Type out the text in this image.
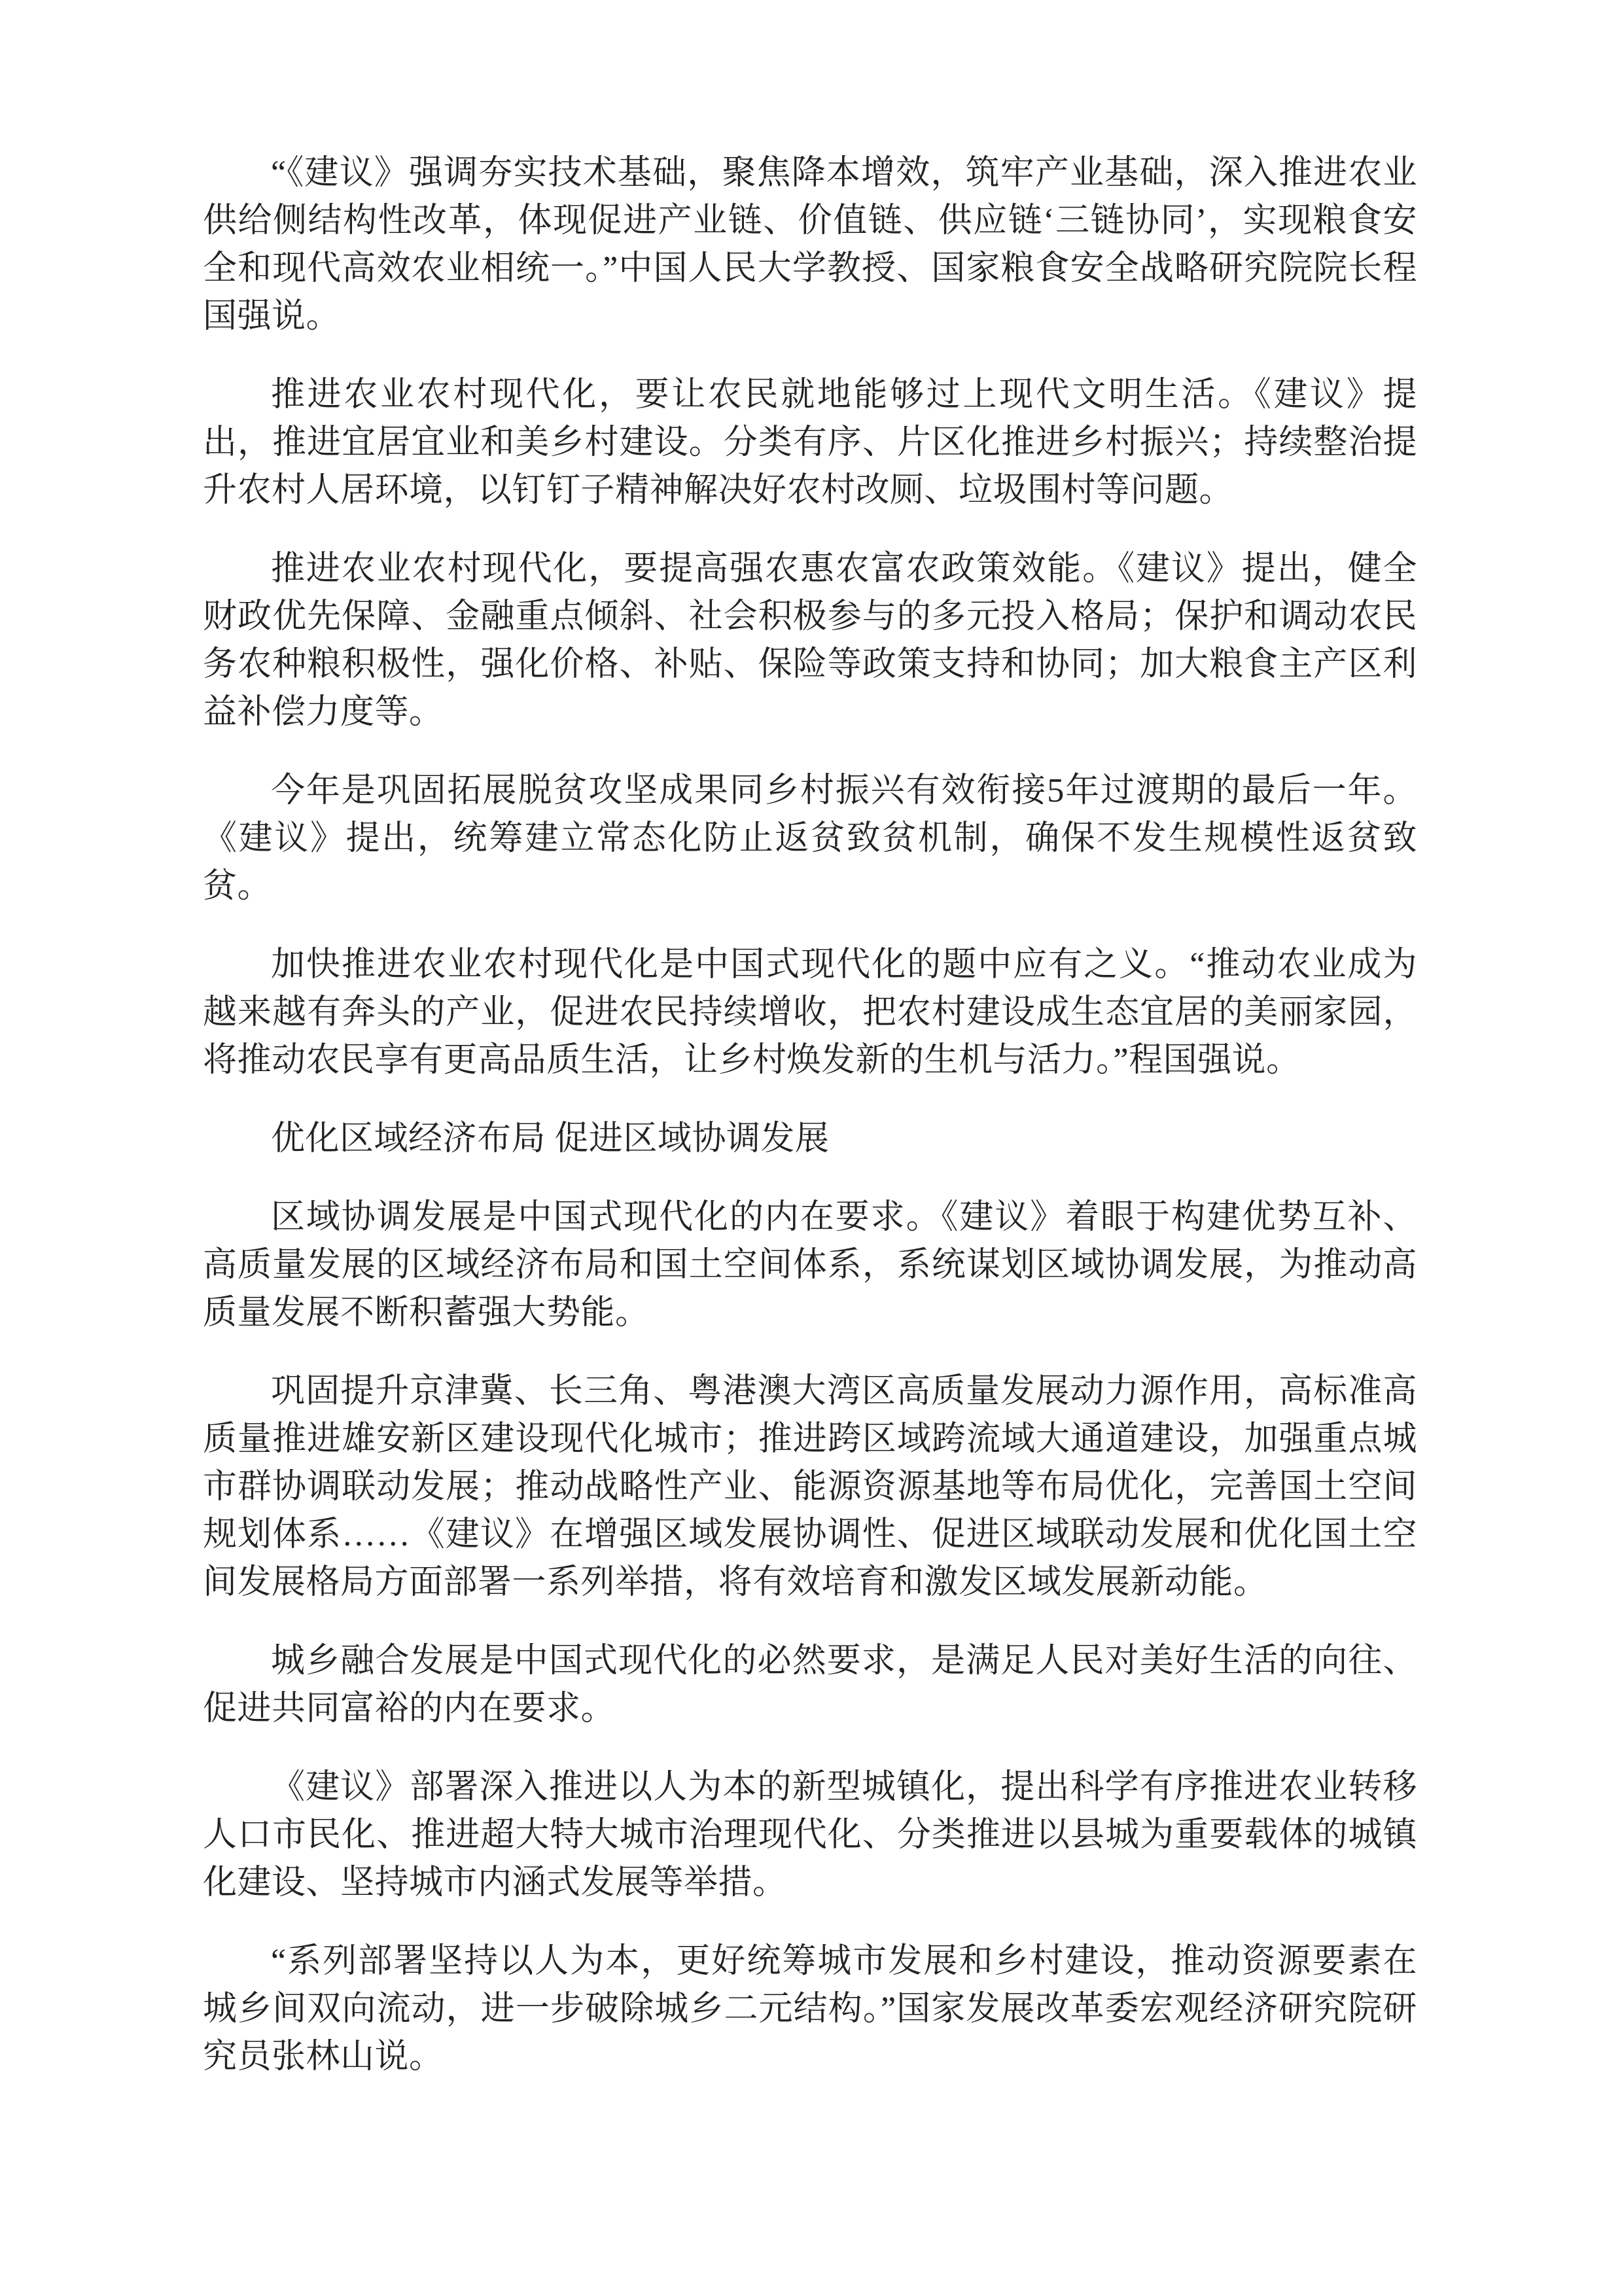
“《建议》强调夯实技术基础，聚焦降本增效，筑牢产业基础，深入推进农业供给侧结构性改革，体现促进产业链、价值链、供应链‘三链协同’，实现粮食安全和现代高效农业相统一。”中国人民大学教授、国家粮食安全战略研究院院长程国强说。

推进农业农村现代化，要让农民就地能够过上现代文明生活。《建议》提出，推进宜居宜业和美乡村建设。分类有序、片区化推进乡村振兴；持续整治提升农村人居环境，以钉钉子精神解决好农村改厕、垃圾围村等问题。

推进农业农村现代化，要提高强农惠农富农政策效能。《建议》提出，健全财政优先保障、金融重点倾斜、社会积极参与的多元投入格局；保护和调动农民务农种粮积极性，强化价格、补贴、保险等政策支持和协同；加大粮食主产区利益补偿力度等。

今年是巩固拓展脱贫攻坚成果同乡村振兴有效衔接5年过渡期的最后一年。《建议》提出，统筹建立常态化防止返贫致贫机制，确保不发生规模性返贫致贫。

加快推进农业农村现代化是中国式现代化的题中应有之义。“推动农业成为越来越有奔头的产业，促进农民持续增收，把农村建设成生态宜居的美丽家园，将推动农民享有更高品质生活，让乡村焕发新的生机与活力。”程国强说。

优化区域经济布局 促进区域协调发展

区域协调发展是中国式现代化的内在要求。《建议》着眼于构建优势互补、高质量发展的区域经济布局和国土空间体系，系统谋划区域协调发展，为推动高质量发展不断积蓄强大势能。

巩固提升京津冀、长三角、粤港澳大湾区高质量发展动力源作用，高标准高质量推进雄安新区建设现代化城市；推进跨区域跨流域大通道建设，加强重点城市群协调联动发展；推动战略性产业、能源资源基地等布局优化，完善国土空间规划体系……《建议》在增强区域发展协调性、促进区域联动发展和优化国土空间发展格局方面部署一系列举措，将有效培育和激发区域发展新动能。

城乡融合发展是中国式现代化的必然要求，是满足人民对美好生活的向往、促进共同富裕的内在要求。

《建议》部署深入推进以人为本的新型城镇化，提出科学有序推进农业转移人口市民化、推进超大特大城市治理现代化、分类推进以县城为重要载体的城镇化建设、坚持城市内涵式发展等举措。

“系列部署坚持以人为本，更好统筹城市发展和乡村建设，推动资源要素在城乡间双向流动，进一步破除城乡二元结构。”国家发展改革委宏观经济研究院研究员张林山说。
